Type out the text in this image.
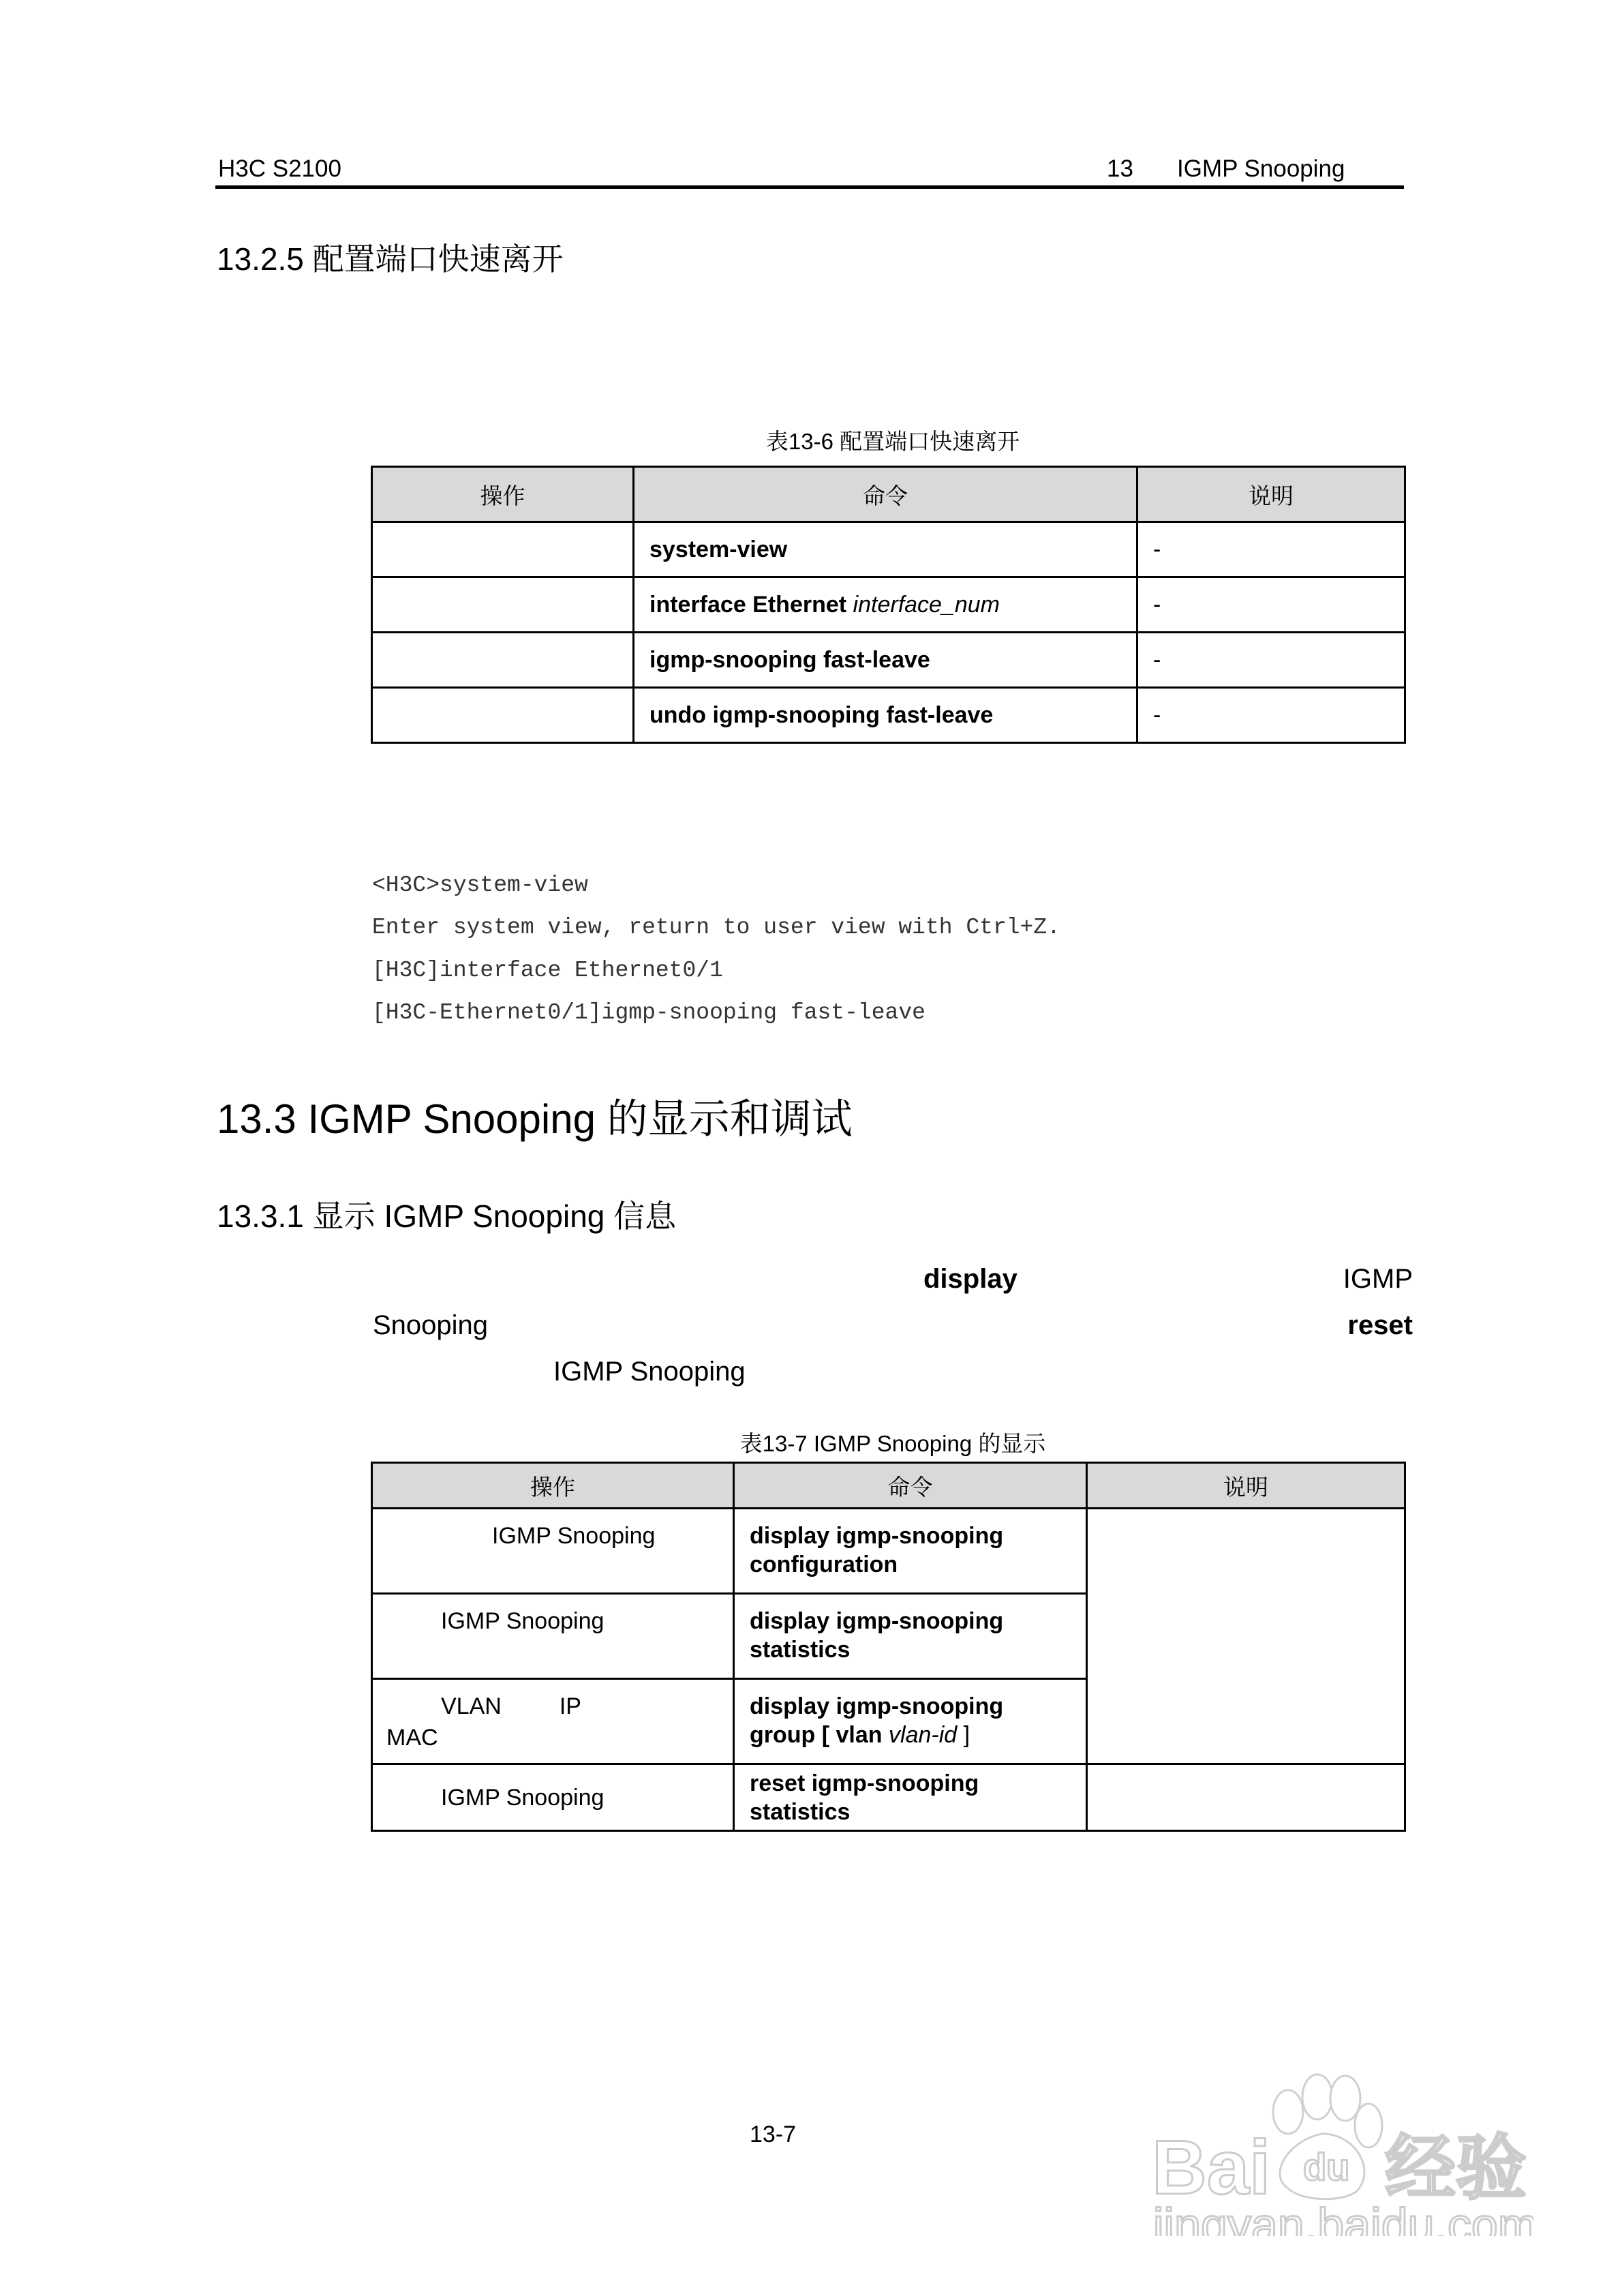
H3C S2100	13 IGMP Snooping
13.2.5 配置端口快速离开
表13-6 配置端口快速离开
操作	命令	说明
	system-view	-
	interface Ethernet interface_num	-
	igmp-snooping fast-leave	-
	undo igmp-snooping fast-leave	-
<H3C>system-view
Enter system view, return to user view with Ctrl+Z.
[H3C]interface Ethernet0/1
[H3C-Ethernet0/1]igmp-snooping fast-leave
13.3 IGMP Snooping 的显示和调试
13.3.1 显示 IGMP Snooping 信息
display	IGMP
Snooping	reset
IGMP Snooping
表13-7 IGMP Snooping 的显示
操作	命令	说明
IGMP Snooping	display igmp-snooping
configuration	
IGMP Snooping	display igmp-snooping
statistics	
VLAN         IP
MAC	display igmp-snooping
group [ vlan vlan-id ]	
IGMP Snooping	reset igmp-snooping
statistics	
13-7	Bai du 经验
jingyan.baidu.com
